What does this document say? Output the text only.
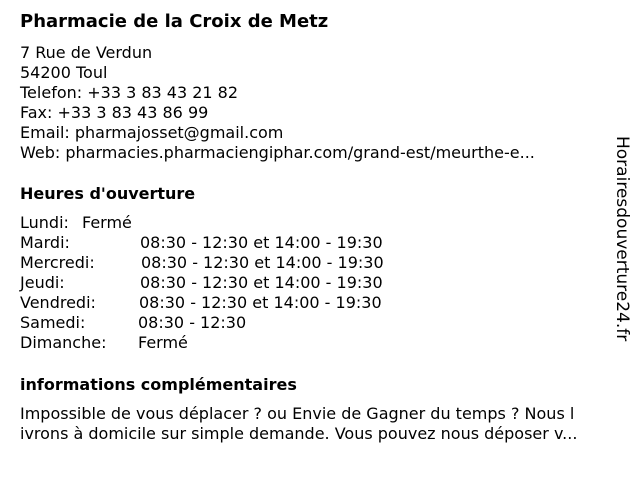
Pharmacie de la Croix de Metz
7 Rue de Verdun
54200 Toul
Telefon: +33 3 83 43 21 82
Fax: +33 3 83 43 86 99
Email: pharmajosset@gmail.com
Web: pharmacies.pharmaciengiphar.com/grand-est/meurthe-e...
Heures d'ouverture
Lundi: Fermé
Mardi:	08:30 - 12:30 et 14:00 - 19:30
Mercredi:	08:30 - 12:30 et 14:00 - 19:30
Jeudi:	08:30 - 12:30 et 14:00 - 19:30
Vendredi:	08:30 - 12:30 et 14:00 - 19:30
Samedi:	08:30 - 12:30
Dimanche: Fermé
informations complémentaires
Impossible de vous déplacer ? ou Envie de Gagner du temps ? Nous l
ivrons à domicile sur simple demande. Vous pouvez nous déposer v...
Horairesdouverture24.fr
